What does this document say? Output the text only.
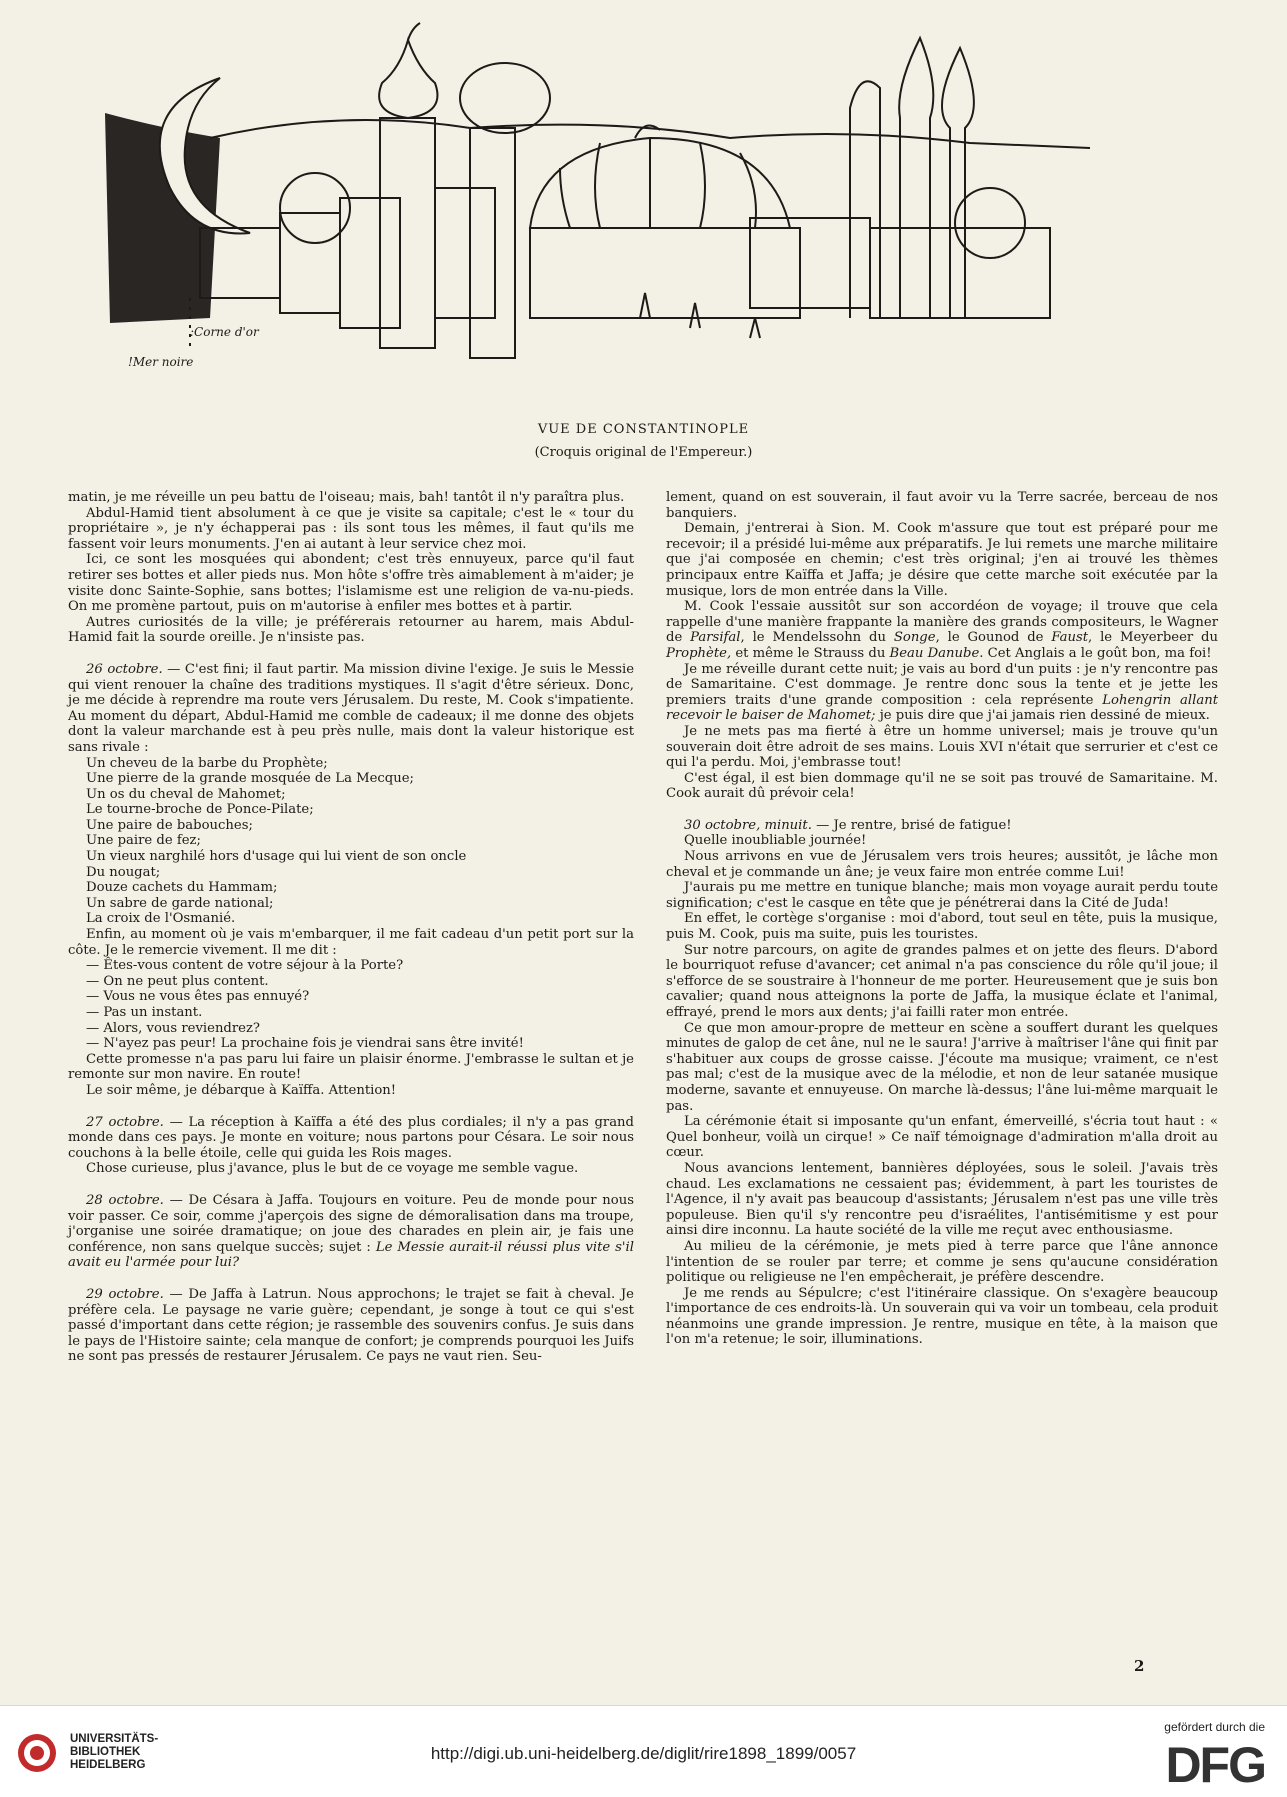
:Corne d'or
!Mer noire
VUE DE CONSTANTINOPLE
(Croquis original de l'Empereur.)

matin, je me réveille un peu battu de l'oiseau; mais, bah! tantôt il n'y paraîtra plus.

Abdul-Hamid tient absolument à ce que je visite sa capitale; c'est le « tour du propriétaire », je n'y échapperai pas : ils sont tous les mêmes, il faut qu'ils me fassent voir leurs monuments. J'en ai autant à leur service chez moi.

Ici, ce sont les mosquées qui abondent; c'est très ennuyeux, parce qu'il faut retirer ses bottes et aller pieds nus. Mon hôte s'offre très aimablement à m'aider; je visite donc Sainte-Sophie, sans bottes; l'islamisme est une religion de va-nu-pieds. On me promène partout, puis on m'autorise à enfiler mes bottes et à partir.

Autres curiosités de la ville; je préférerais retourner au harem, mais Abdul-Hamid fait la sourde oreille. Je n'insiste pas.

26 octobre. — C'est fini; il faut partir. Ma mission divine l'exige. Je suis le Messie qui vient renouer la chaîne des traditions mystiques. Il s'agit d'être sérieux. Donc, je me décide à reprendre ma route vers Jérusalem. Du reste, M. Cook s'impatiente. Au moment du départ, Abdul-Hamid me comble de cadeaux; il me donne des objets dont la valeur marchande est à peu près nulle, mais dont la valeur historique est sans rivale :

Un cheveu de la barbe du Prophète;

Une pierre de la grande mosquée de La Mecque;

Un os du cheval de Mahomet;

Le tourne-broche de Ponce-Pilate;

Une paire de babouches;

Une paire de fez;

Un vieux narghilé hors d'usage qui lui vient de son oncle

Du nougat;

Douze cachets du Hammam;

Un sabre de garde national;

La croix de l'Osmanié.

Enfin, au moment où je vais m'embarquer, il me fait cadeau d'un petit port sur la côte. Je le remercie vivement. Il me dit :

— Êtes-vous content de votre séjour à la Porte?

— On ne peut plus content.

— Vous ne vous êtes pas ennuyé?

— Pas un instant.

— Alors, vous reviendrez?

— N'ayez pas peur! La prochaine fois je viendrai sans être invité!

Cette promesse n'a pas paru lui faire un plaisir énorme. J'embrasse le sultan et je remonte sur mon navire. En route!

Le soir même, je débarque à Kaïffa. Attention!

27 octobre. — La réception à Kaïffa a été des plus cordiales; il n'y a pas grand monde dans ces pays. Je monte en voiture; nous partons pour Césara. Le soir nous couchons à la belle étoile, celle qui guida les Rois mages.

Chose curieuse, plus j'avance, plus le but de ce voyage me semble vague.

28 octobre. — De Césara à Jaffa. Toujours en voiture. Peu de monde pour nous voir passer. Ce soir, comme j'aperçois des signe de démoralisation dans ma troupe, j'organise une soirée dramatique; on joue des charades en plein air, je fais une conférence, non sans quelque succès; sujet : Le Messie aurait-il réussi plus vite s'il avait eu l'armée pour lui?

29 octobre. — De Jaffa à Latrun. Nous approchons; le trajet se fait à cheval. Je préfère cela. Le paysage ne varie guère; cependant, je songe à tout ce qui s'est passé d'important dans cette région; je rassemble des souvenirs confus. Je suis dans le pays de l'Histoire sainte; cela manque de confort; je comprends pourquoi les Juifs ne sont pas pressés de restaurer Jérusalem. Ce pays ne vaut rien. Seu-

lement, quand on est souverain, il faut avoir vu la Terre sacrée, berceau de nos banquiers.

Demain, j'entrerai à Sion. M. Cook m'assure que tout est préparé pour me recevoir; il a présidé lui-même aux préparatifs. Je lui remets une marche militaire que j'ai composée en chemin; c'est très original; j'en ai trouvé les thèmes principaux entre Kaïffa et Jaffa; je désire que cette marche soit exécutée par la musique, lors de mon entrée dans la Ville.

M. Cook l'essaie aussitôt sur son accordéon de voyage; il trouve que cela rappelle d'une manière frappante la manière des grands compositeurs, le Wagner de Parsifal, le Mendelssohn du Songe, le Gounod de Faust, le Meyerbeer du Prophète, et même le Strauss du Beau Danube. Cet Anglais a le goût bon, ma foi!

Je me réveille durant cette nuit; je vais au bord d'un puits : je n'y rencontre pas de Samaritaine. C'est dommage. Je rentre donc sous la tente et je jette les premiers traits d'une grande composition : cela représente Lohengrin allant recevoir le baiser de Mahomet; je puis dire que j'ai jamais rien dessiné de mieux.

Je ne mets pas ma fierté à être un homme universel; mais je trouve qu'un souverain doit être adroit de ses mains. Louis XVI n'était que serrurier et c'est ce qui l'a perdu. Moi, j'embrasse tout!

C'est égal, il est bien dommage qu'il ne se soit pas trouvé de Samaritaine. M. Cook aurait dû prévoir cela!

30 octobre, minuit. — Je rentre, brisé de fatigue!

Quelle inoubliable journée!

Nous arrivons en vue de Jérusalem vers trois heures; aussitôt, je lâche mon cheval et je commande un âne; je veux faire mon entrée comme Lui!

J'aurais pu me mettre en tunique blanche; mais mon voyage aurait perdu toute signification; c'est le casque en tête que je pénétrerai dans la Cité de Juda!

En effet, le cortège s'organise : moi d'abord, tout seul en tête, puis la musique, puis M. Cook, puis ma suite, puis les touristes.

Sur notre parcours, on agite de grandes palmes et on jette des fleurs. D'abord le bourriquot refuse d'avancer; cet animal n'a pas conscience du rôle qu'il joue; il s'efforce de se soustraire à l'honneur de me porter. Heureusement que je suis bon cavalier; quand nous atteignons la porte de Jaffa, la musique éclate et l'animal, effrayé, prend le mors aux dents; j'ai failli rater mon entrée.

Ce que mon amour-propre de metteur en scène a souffert durant les quelques minutes de galop de cet âne, nul ne le saura! J'arrive à maîtriser l'âne qui finit par s'habituer aux coups de grosse caisse. J'écoute ma musique; vraiment, ce n'est pas mal; c'est de la musique avec de la mélodie, et non de leur satanée musique moderne, savante et ennuyeuse. On marche là-dessus; l'âne lui-même marquait le pas.

La cérémonie était si imposante qu'un enfant, émerveillé, s'écria tout haut : « Quel bonheur, voilà un cirque! » Ce naïf témoignage d'admiration m'alla droit au cœur.

Nous avancions lentement, bannières déployées, sous le soleil. J'avais très chaud. Les exclamations ne cessaient pas; évidemment, à part les touristes de l'Agence, il n'y avait pas beaucoup d'assistants; Jérusalem n'est pas une ville très populeuse. Bien qu'il s'y rencontre peu d'israélites, l'antisémitisme y est pour ainsi dire inconnu. La haute société de la ville me reçut avec enthousiasme.

Au milieu de la cérémonie, je mets pied à terre parce que l'âne annonce l'intention de se rouler par terre; et comme je sens qu'aucune considération politique ou religieuse ne l'en empêcherait, je préfère descendre.

Je me rends au Sépulcre; c'est l'itinéraire classique. On s'exagère beaucoup l'importance de ces endroits-là. Un souverain qui va voir un tombeau, cela produit néanmoins une grande impression. Je rentre, musique en tête, à la maison que l'on m'a retenue; le soir, illuminations.

2
UNIVERSITÄTS-
BIBLIOTHEK
HEIDELBERG
http://digi.ub.uni-heidelberg.de/diglit/rire1898_1899/0057
gefördert durch die
DFG
